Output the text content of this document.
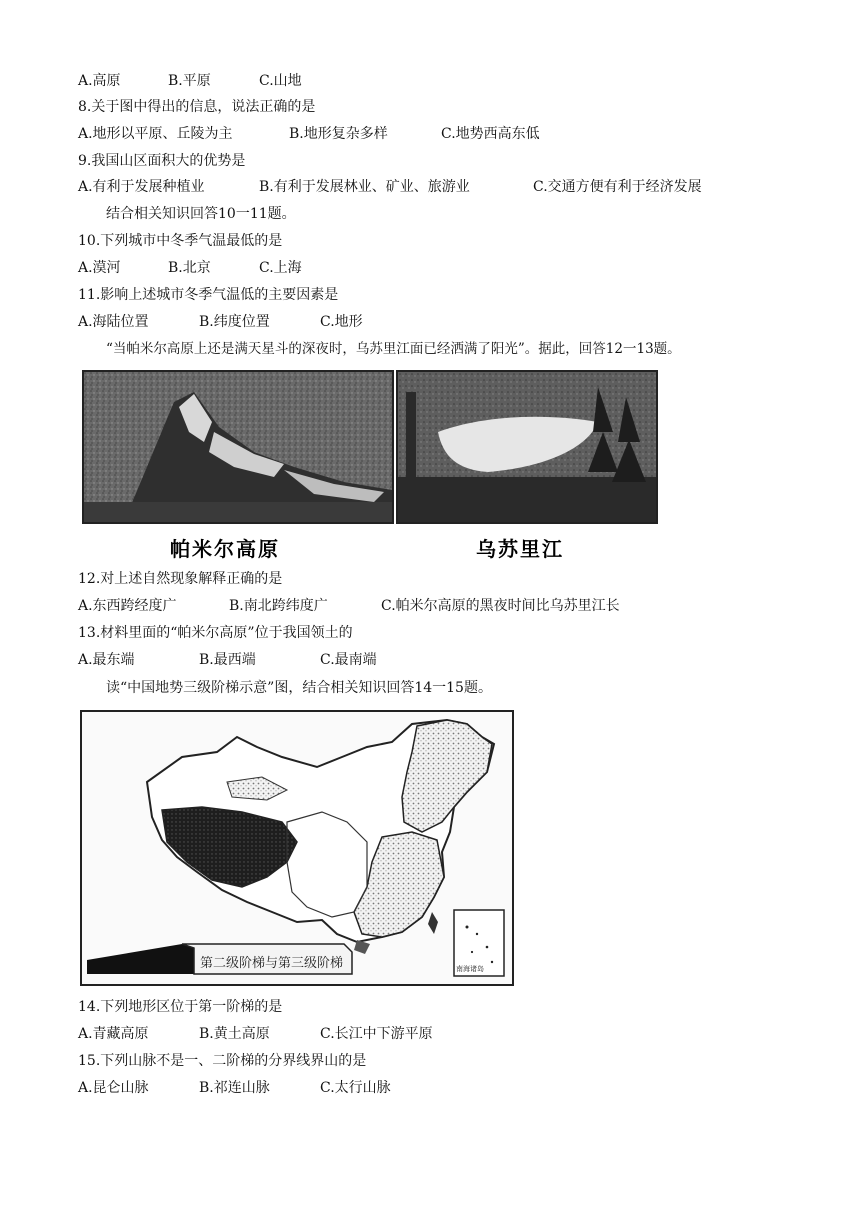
A.高原	B.平原	C.山地
8.关于图中得出的信息，说法正确的是
A.地形以平原、丘陵为主	B.地形复杂多样	C.地势西高东低
9.我国山区面积大的优势是
A.有利于发展种植业	B.有利于发展林业、矿业、旅游业	C.交通方便有利于经济发展
结合相关知识回答10一11题。
10.下列城市中冬季气温最低的是
A.漠河	B.北京	C.上海
11.影响上述城市冬季气温低的主要因素是
A.海陆位置	B.纬度位置	C.地形
“当帕米尔高原上还是满天星斗的深夜时，乌苏里江面已经洒满了阳光”。据此，回答12一13题。
帕米尔高原	乌苏里江
12.对上述自然现象解释正确的是
A.东西跨经度广	B.南北跨纬度广	C.帕米尔高原的黑夜时间比乌苏里江长
13.材料里面的“帕米尔高原”位于我国领土的
A.最东端	B.最西端	C.最南端
读“中国地势三级阶梯示意”图，结合相关知识回答14一15题。
第二级阶梯与第三级阶梯	南海诸岛
14.下列地形区位于第一阶梯的是
A.青藏高原	B.黄土高原	C.长江中下游平原
15.下列山脉不是一、二阶梯的分界线界山的是
A.昆仑山脉	B.祁连山脉	C.太行山脉
